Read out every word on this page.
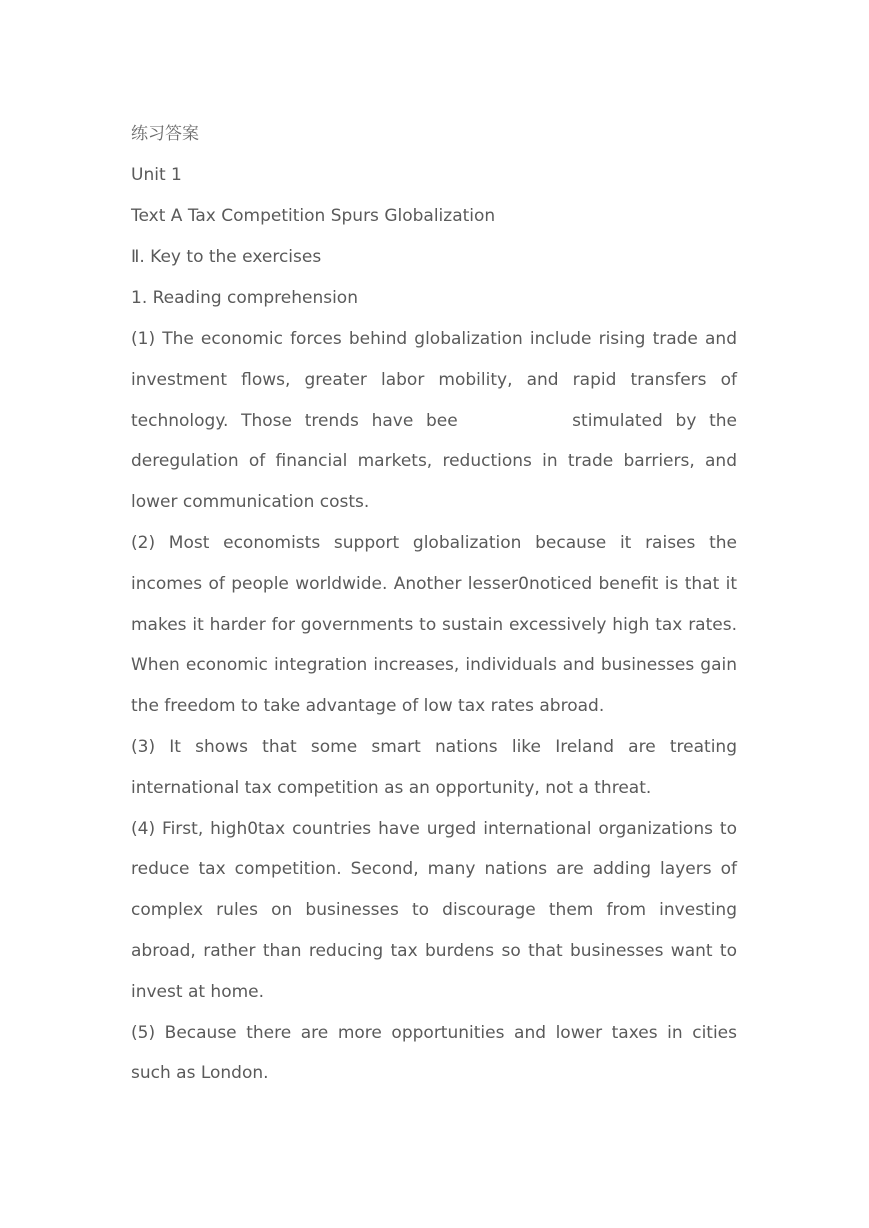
练习答案

Unit 1

Text A Tax Competition Spurs Globalization

Ⅱ. Key to the exercises

1. Reading comprehension

(1) The economic forces behind globalization include rising trade and investment flows, greater labor mobility, and rapid transfers of technology. Those trends have bee         stimulated by the deregulation of financial markets, reductions in trade barriers, and lower communication costs.

(2) Most economists support globalization because it raises the incomes of people worldwide. Another lesser0noticed benefit is that it makes it harder for governments to sustain excessively high tax rates. When economic integration increases, individuals and businesses gain the freedom to take advantage of low tax rates abroad.

(3) It shows that some smart nations like Ireland are treating international tax competition as an opportunity, not a threat.

(4) First, high0tax countries have urged international organizations to reduce tax competition. Second, many nations are adding layers of complex rules on businesses to discourage them from investing abroad, rather than reducing tax burdens so that businesses want to invest at home.

(5) Because there are more opportunities and lower taxes in cities such as London.
